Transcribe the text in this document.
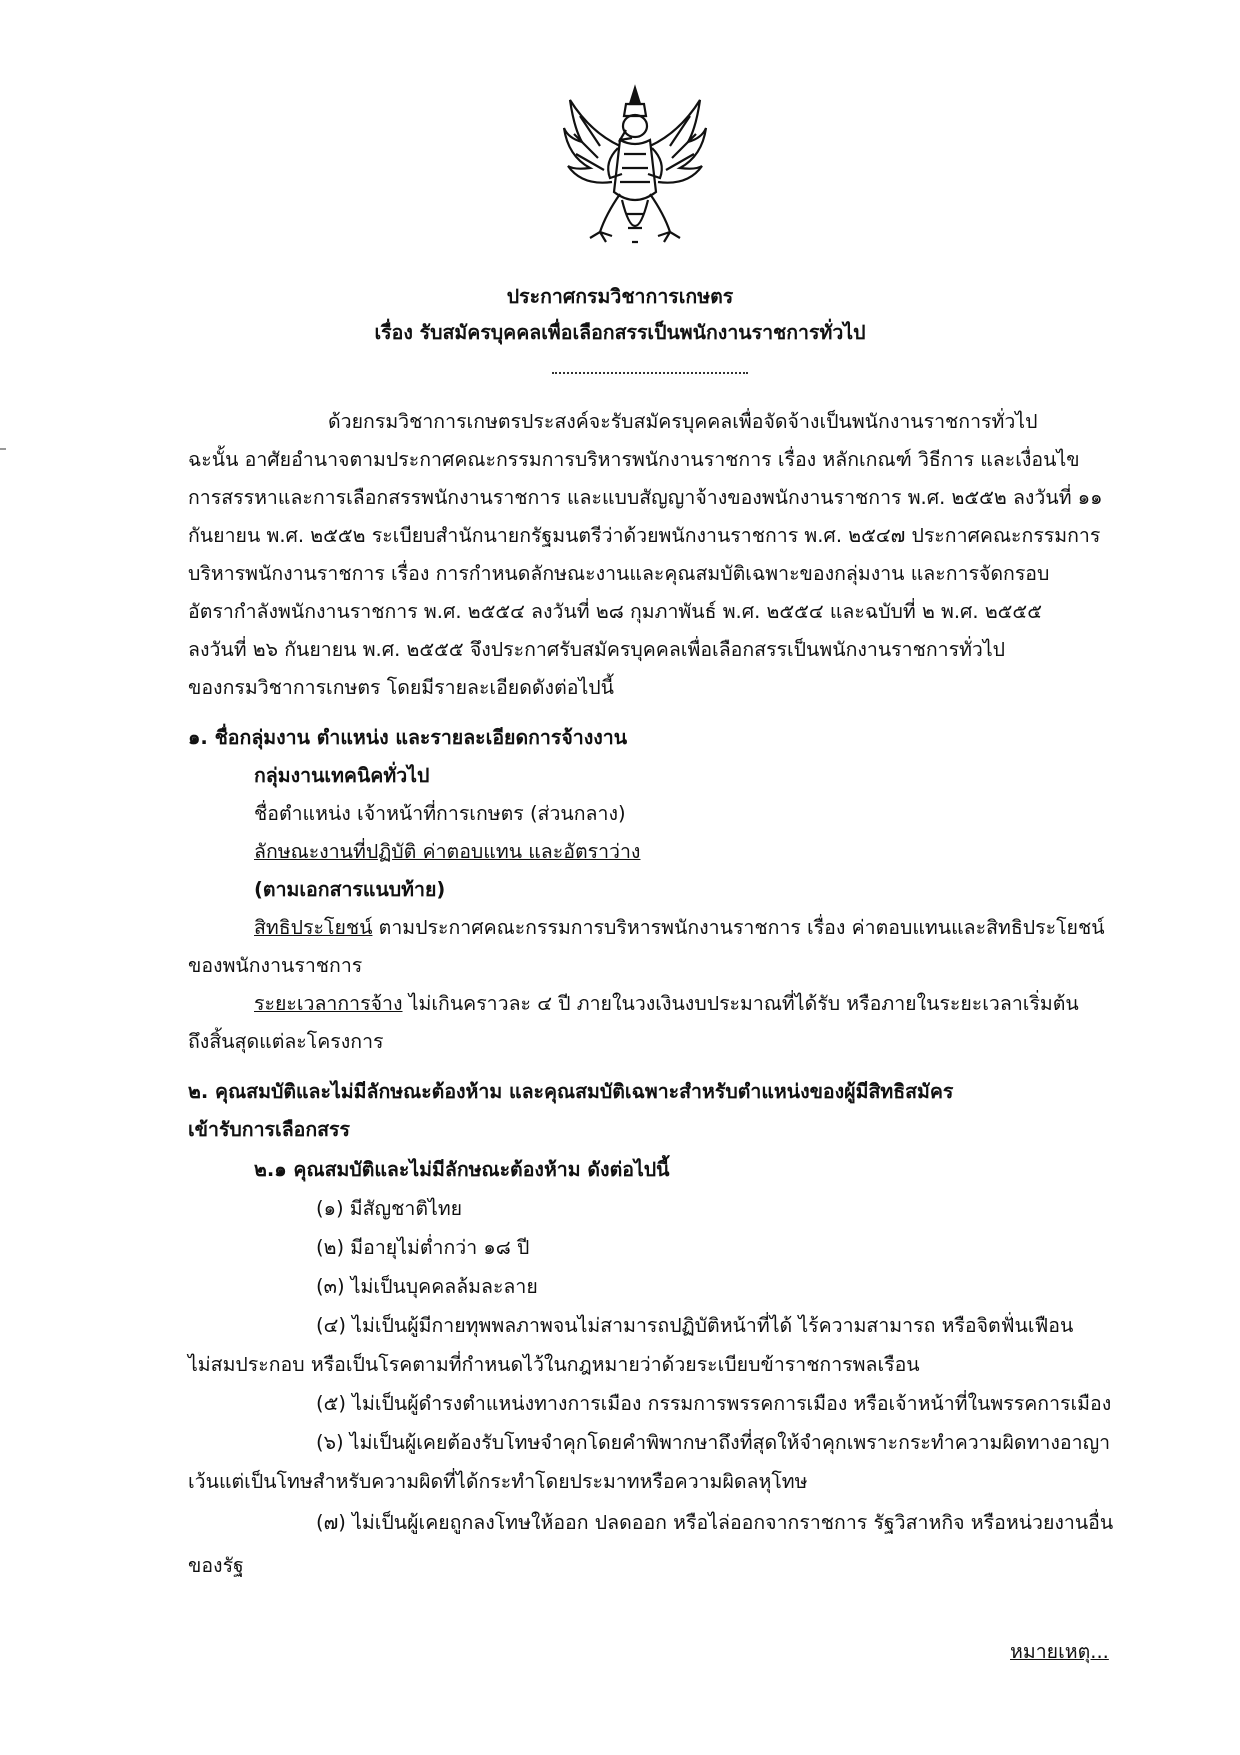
ประกาศกรมวิชาการเกษตร
เรื่อง รับสมัครบุคคลเพื่อเลือกสรรเป็นพนักงานราชการทั่วไป
ด้วยกรมวิชาการเกษตรประสงค์จะรับสมัครบุคคลเพื่อจัดจ้างเป็นพนักงานราชการทั่วไป
ฉะนั้น อาศัยอำนาจตามประกาศคณะกรรมการบริหารพนักงานราชการ เรื่อง หลักเกณฑ์ วิธีการ และเงื่อนไข
การสรรหาและการเลือกสรรพนักงานราชการ และแบบสัญญาจ้างของพนักงานราชการ พ.ศ. ๒๕๕๒ ลงวันที่ ๑๑
กันยายน พ.ศ. ๒๕๕๒ ระเบียบสำนักนายกรัฐมนตรีว่าด้วยพนักงานราชการ พ.ศ. ๒๕๔๗ ประกาศคณะกรรมการ
บริหารพนักงานราชการ เรื่อง การกำหนดลักษณะงานและคุณสมบัติเฉพาะของกลุ่มงาน และการจัดกรอบ
อัตรากำลังพนักงานราชการ พ.ศ. ๒๕๕๔ ลงวันที่ ๒๘ กุมภาพันธ์ พ.ศ. ๒๕๕๔ และฉบับที่ ๒ พ.ศ. ๒๕๕๕
ลงวันที่ ๒๖ กันยายน พ.ศ. ๒๕๕๕ จึงประกาศรับสมัครบุคคลเพื่อเลือกสรรเป็นพนักงานราชการทั่วไป
ของกรมวิชาการเกษตร โดยมีรายละเอียดดังต่อไปนี้
๑. ชื่อกลุ่มงาน ตำแหน่ง และรายละเอียดการจ้างงาน
กลุ่มงานเทคนิคทั่วไป
ชื่อตำแหน่ง เจ้าหน้าที่การเกษตร (ส่วนกลาง)
ลักษณะงานที่ปฏิบัติ ค่าตอบแทน และอัตราว่าง
(ตามเอกสารแนบท้าย)
สิทธิประโยชน์ ตามประกาศคณะกรรมการบริหารพนักงานราชการ เรื่อง ค่าตอบแทนและสิทธิประโยชน์
ของพนักงานราชการ
ระยะเวลาการจ้าง ไม่เกินคราวละ ๔ ปี ภายในวงเงินงบประมาณที่ได้รับ หรือภายในระยะเวลาเริ่มต้น
ถึงสิ้นสุดแต่ละโครงการ
๒. คุณสมบัติและไม่มีลักษณะต้องห้าม และคุณสมบัติเฉพาะสำหรับตำแหน่งของผู้มีสิทธิสมัคร
เข้ารับการเลือกสรร
๒.๑ คุณสมบัติและไม่มีลักษณะต้องห้าม ดังต่อไปนี้
(๑) มีสัญชาติไทย
(๒) มีอายุไม่ต่ำกว่า ๑๘ ปี
(๓) ไม่เป็นบุคคลล้มละลาย
(๔) ไม่เป็นผู้มีกายทุพพลภาพจนไม่สามารถปฏิบัติหน้าที่ได้ ไร้ความสามารถ หรือจิตฟั่นเฟือน
ไม่สมประกอบ หรือเป็นโรคตามที่กำหนดไว้ในกฎหมายว่าด้วยระเบียบข้าราชการพลเรือน
(๕) ไม่เป็นผู้ดำรงตำแหน่งทางการเมือง กรรมการพรรคการเมือง หรือเจ้าหน้าที่ในพรรคการเมือง
(๖) ไม่เป็นผู้เคยต้องรับโทษจำคุกโดยคำพิพากษาถึงที่สุดให้จำคุกเพราะกระทำความผิดทางอาญา
เว้นแต่เป็นโทษสำหรับความผิดที่ได้กระทำโดยประมาทหรือความผิดลหุโทษ
(๗) ไม่เป็นผู้เคยถูกลงโทษให้ออก ปลดออก หรือไล่ออกจากราชการ รัฐวิสาหกิจ หรือหน่วยงานอื่น
ของรัฐ
หมายเหตุ...
